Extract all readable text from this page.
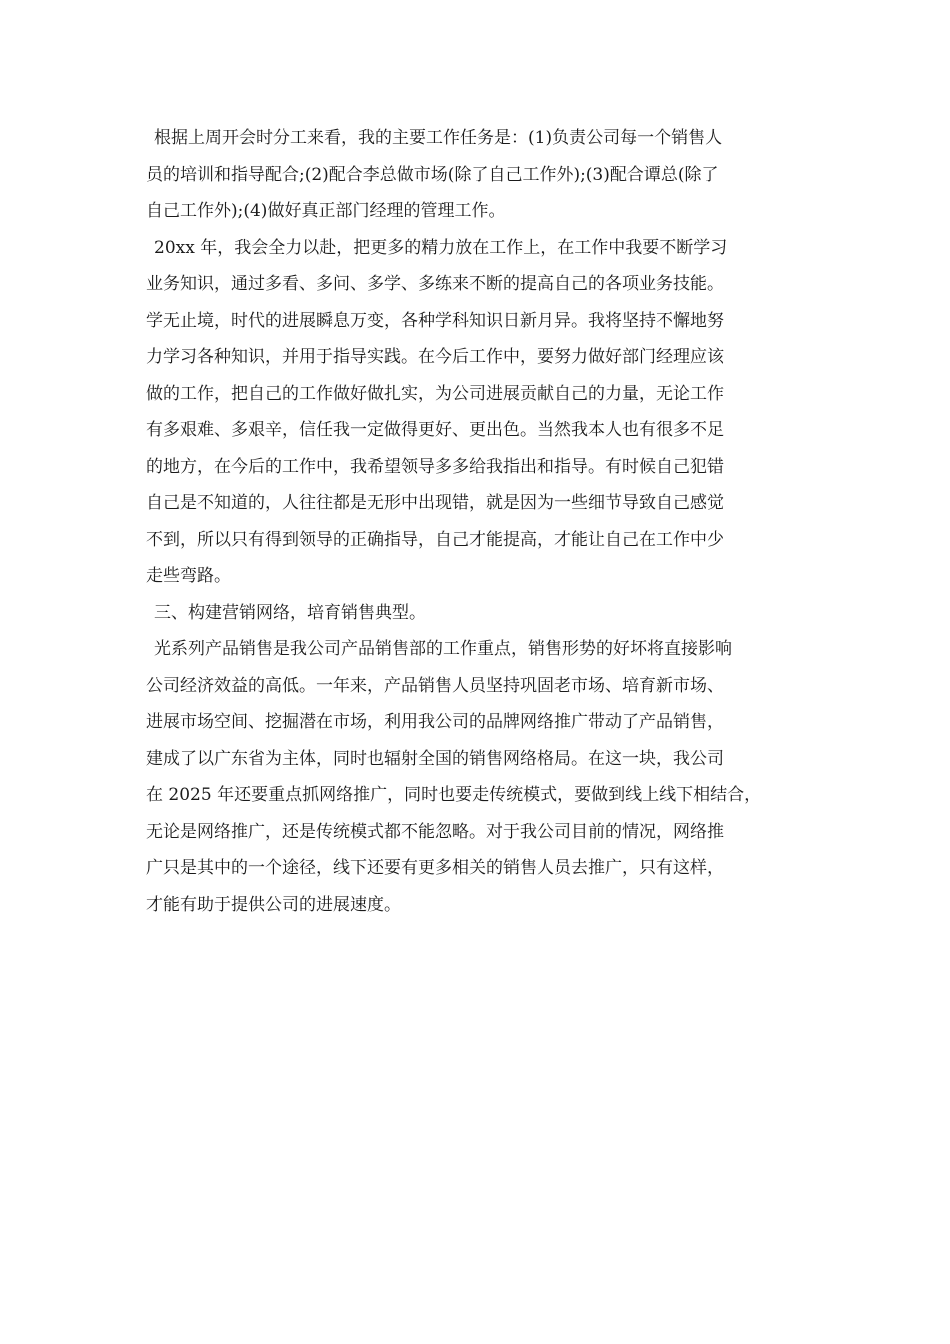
根据上周开会时分工来看，我的主要工作任务是：(1)负责公司每一个销售人
员的培训和指导配合;(2)配合李总做市场(除了自己工作外);(3)配合谭总(除了
自己工作外);(4)做好真正部门经理的管理工作。
20xx 年，我会全力以赴，把更多的精力放在工作上，在工作中我要不断学习
业务知识，通过多看、多问、多学、多练来不断的提高自己的各项业务技能。
学无止境，时代的进展瞬息万变，各种学科知识日新月异。我将坚持不懈地努
力学习各种知识，并用于指导实践。在今后工作中，要努力做好部门经理应该
做的工作，把自己的工作做好做扎实，为公司进展贡献自己的力量，无论工作
有多艰难、多艰辛，信任我一定做得更好、更出色。当然我本人也有很多不足
的地方，在今后的工作中，我希望领导多多给我指出和指导。有时候自己犯错
自己是不知道的，人往往都是无形中出现错，就是因为一些细节导致自己感觉
不到，所以只有得到领导的正确指导，自己才能提高，才能让自己在工作中少
走些弯路。
三、构建营销网络，培育销售典型。
光系列产品销售是我公司产品销售部的工作重点，销售形势的好坏将直接影响
公司经济效益的高低。一年来，产品销售人员坚持巩固老市场、培育新市场、
进展市场空间、挖掘潜在市场，利用我公司的品牌网络推广带动了产品销售，
建成了以广东省为主体，同时也辐射全国的销售网络格局。在这一块，我公司
在 2025 年还要重点抓网络推广，同时也要走传统模式，要做到线上线下相结合，
无论是网络推广，还是传统模式都不能忽略。对于我公司目前的情况，网络推
广只是其中的一个途径，线下还要有更多相关的销售人员去推广，只有这样，
才能有助于提供公司的进展速度。
